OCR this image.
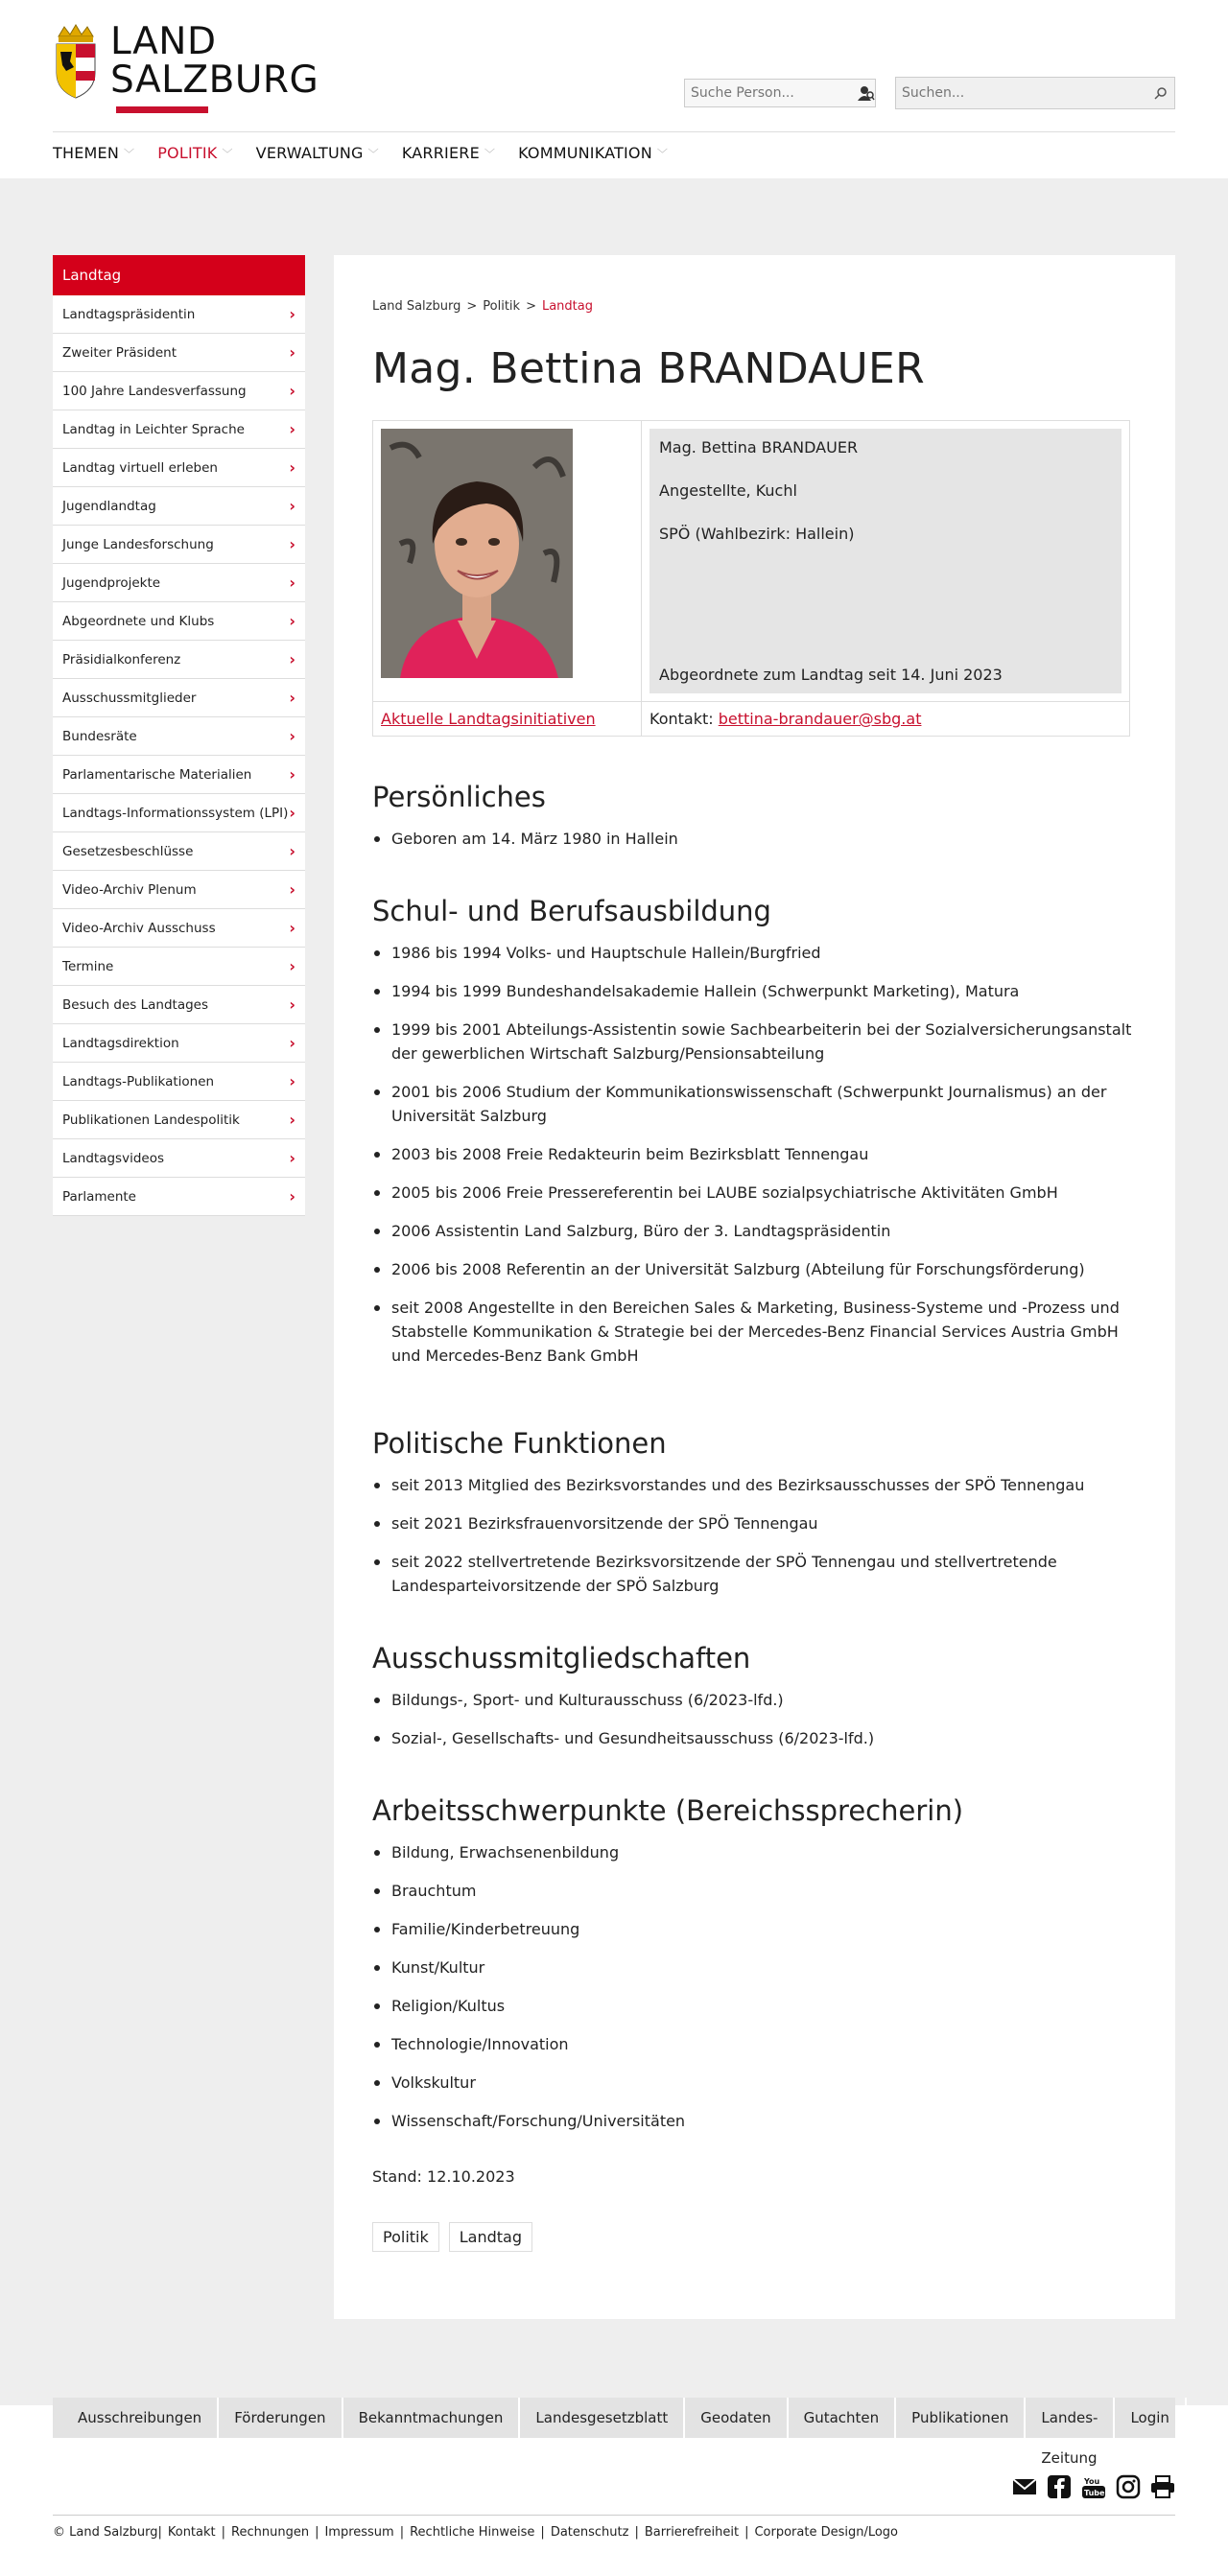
LAND
SALZBURG
Suche Person...
Suchen...
THEMEN ﹀ POLITIK ﹀ VERWALTUNG ﹀ KARRIERE ﹀ KOMMUNIKATION ﹀
Landtag
Landtagspräsidentin	›
Zweiter Präsident	›
100 Jahre Landesverfassung	›
Landtag in Leichter Sprache	›
Landtag virtuell erleben	›
Jugendlandtag	›
Junge Landesforschung	›
Jugendprojekte	›
Abgeordnete und Klubs	›
Präsidialkonferenz	›
Ausschussmitglieder	›
Bundesräte	›
Parlamentarische Materialien ›
Landtags-Informationssystem (LPI) ›
Gesetzesbeschlüsse	›
Video-Archiv Plenum	›
Video-Archiv Ausschuss	›
Termine	›
Besuch des Landtages	›
Landtagsdirektion	›
Landtags-Publikationen	›
Publikationen Landespolitik	›
Landtagsvideos	›
Parlamente	›
Land Salzburg > Politik > Landtag
Mag. Bettina BRANDAUER

Mag. Bettina BRANDAUER

Angestellte, Kuchl

SPÖ (Wahlbezirk: Hallein)

Abgeordnete zum Landtag seit 14. Juni 2023

Aktuelle Landtagsinitiativen	Kontakt: bettina-brandauer@sbg.at
Persönliches
Geboren am 14. März 1980 in Hallein
Schul- und Berufsausbildung
1986 bis 1994 Volks- und Hauptschule Hallein/Burgfried
1994 bis 1999 Bundeshandelsakademie Hallein (Schwerpunkt Marketing), Matura
1999 bis 2001 Abteilungs-Assistentin sowie Sachbearbeiterin bei der Sozialversicherungsanstalt der gewerblichen Wirtschaft Salzburg/Pensionsabteilung
2001 bis 2006 Studium der Kommunikationswissenschaft (Schwerpunkt Journalismus) an der Universität Salzburg
2003 bis 2008 Freie Redakteurin beim Bezirksblatt Tennengau
2005 bis 2006 Freie Pressereferentin bei LAUBE sozialpsychiatrische Aktivitäten GmbH
2006 Assistentin Land Salzburg, Büro der 3. Landtagspräsidentin
2006 bis 2008 Referentin an der Universität Salzburg (Abteilung für Forschungsförderung)
seit 2008 Angestellte in den Bereichen Sales & Marketing, Business-Systeme und -Prozess und Stabstelle Kommunikation & Strategie bei der Mercedes-Benz Financial Services Austria GmbH und Mercedes-Benz Bank GmbH
Politische Funktionen
seit 2013 Mitglied des Bezirksvorstandes und des Bezirksausschusses der SPÖ Tennengau
seit 2021 Bezirksfrauenvorsitzende der SPÖ Tennengau
seit 2022 stellvertretende Bezirksvorsitzende der SPÖ Tennengau und stellvertretende Landesparteivorsitzende der SPÖ Salzburg
Ausschussmitgliedschaften
Bildungs-, Sport- und Kulturausschuss (6/2023-lfd.)
Sozial-, Gesellschafts- und Gesundheitsausschuss (6/2023-lfd.)
Arbeitsschwerpunkte (Bereichssprecherin)
Bildung, Erwachsenenbildung
Brauchtum
Familie/Kinderbetreuung
Kunst/Kultur
Religion/Kultus
Technologie/Innovation
Volkskultur
Wissenschaft/Forschung/Universitäten
Stand: 12.10.2023
Politik	Landtag
Ausschreibungen	Förderungen	Bekanntmachungen	Landesgesetzblatt	Geodaten	Gutachten	Publikationen	Landes-Zeitung
Login
You
Tube
© Land Salzburg| Kontakt | Rechnungen | Impressum | Rechtliche Hinweise | Datenschutz | Barrierefreiheit | Corporate Design/Logo
